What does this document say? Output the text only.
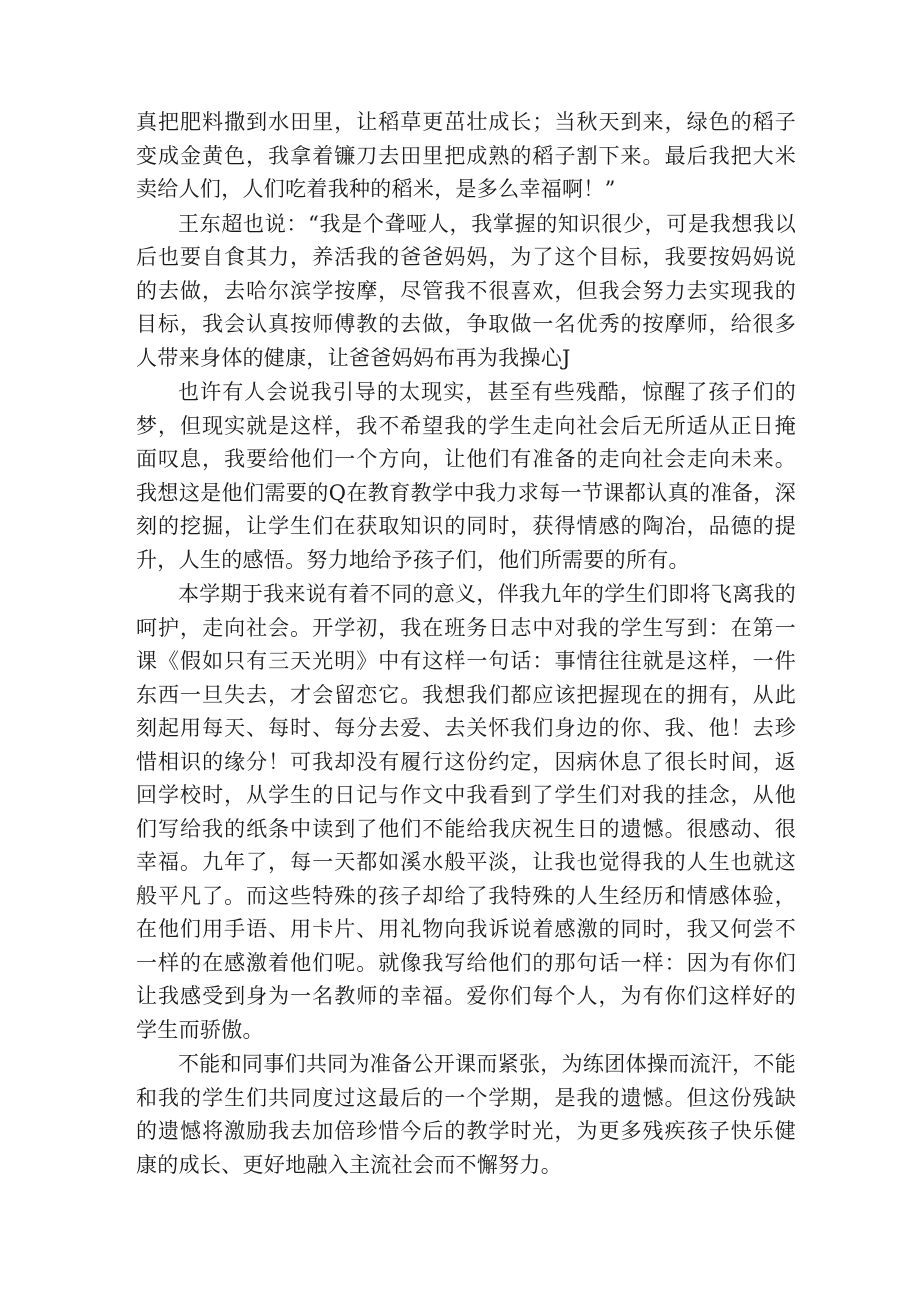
真把肥料撒到水田里，让稻草更茁壮成长；当秋天到来，绿色的稻子变成金黄色，我拿着镰刀去田里把成熟的稻子割下来。最后我把大米卖给人们，人们吃着我种的稻米，是多么幸福啊！”

王东超也说：“我是个聋哑人，我掌握的知识很少，可是我想我以后也要自食其力，养活我的爸爸妈妈，为了这个目标，我要按妈妈说的去做，去哈尔滨学按摩，尽管我不很喜欢，但我会努力去实现我的目标，我会认真按师傅教的去做，争取做一名优秀的按摩师，给很多人带来身体的健康，让爸爸妈妈布再为我操心J

也许有人会说我引导的太现实，甚至有些残酷，惊醒了孩子们的梦，但现实就是这样，我不希望我的学生走向社会后无所适从正日掩面叹息，我要给他们一个方向，让他们有准备的走向社会走向未来。我想这是他们需要的Q在教育教学中我力求每一节课都认真的准备，深刻的挖掘，让学生们在获取知识的同时，获得情感的陶冶，品德的提升，人生的感悟。努力地给予孩子们，他们所需要的所有。

本学期于我来说有着不同的意义，伴我九年的学生们即将飞离我的呵护，走向社会。开学初，我在班务日志中对我的学生写到：在第一课《假如只有三天光明》中有这样一句话：事情往往就是这样，一件东西一旦失去，才会留恋它。我想我们都应该把握现在的拥有，从此刻起用每天、每时、每分去爱、去关怀我们身边的你、我、他！去珍惜相识的缘分！可我却没有履行这份约定，因病休息了很长时间，返回学校时，从学生的日记与作文中我看到了学生们对我的挂念，从他们写给我的纸条中读到了他们不能给我庆祝生日的遗憾。很感动、很幸福。九年了，每一天都如溪水般平淡，让我也觉得我的人生也就这般平凡了。而这些特殊的孩子却给了我特殊的人生经历和情感体验，在他们用手语、用卡片、用礼物向我诉说着感激的同时，我又何尝不一样的在感激着他们呢。就像我写给他们的那句话一样：因为有你们让我感受到身为一名教师的幸福。爱你们每个人，为有你们这样好的学生而骄傲。

不能和同事们共同为准备公开课而紧张，为练团体操而流汗，不能和我的学生们共同度过这最后的一个学期，是我的遗憾。但这份残缺的遗憾将激励我去加倍珍惜今后的教学时光，为更多残疾孩子快乐健康的成长、更好地融入主流社会而不懈努力。
